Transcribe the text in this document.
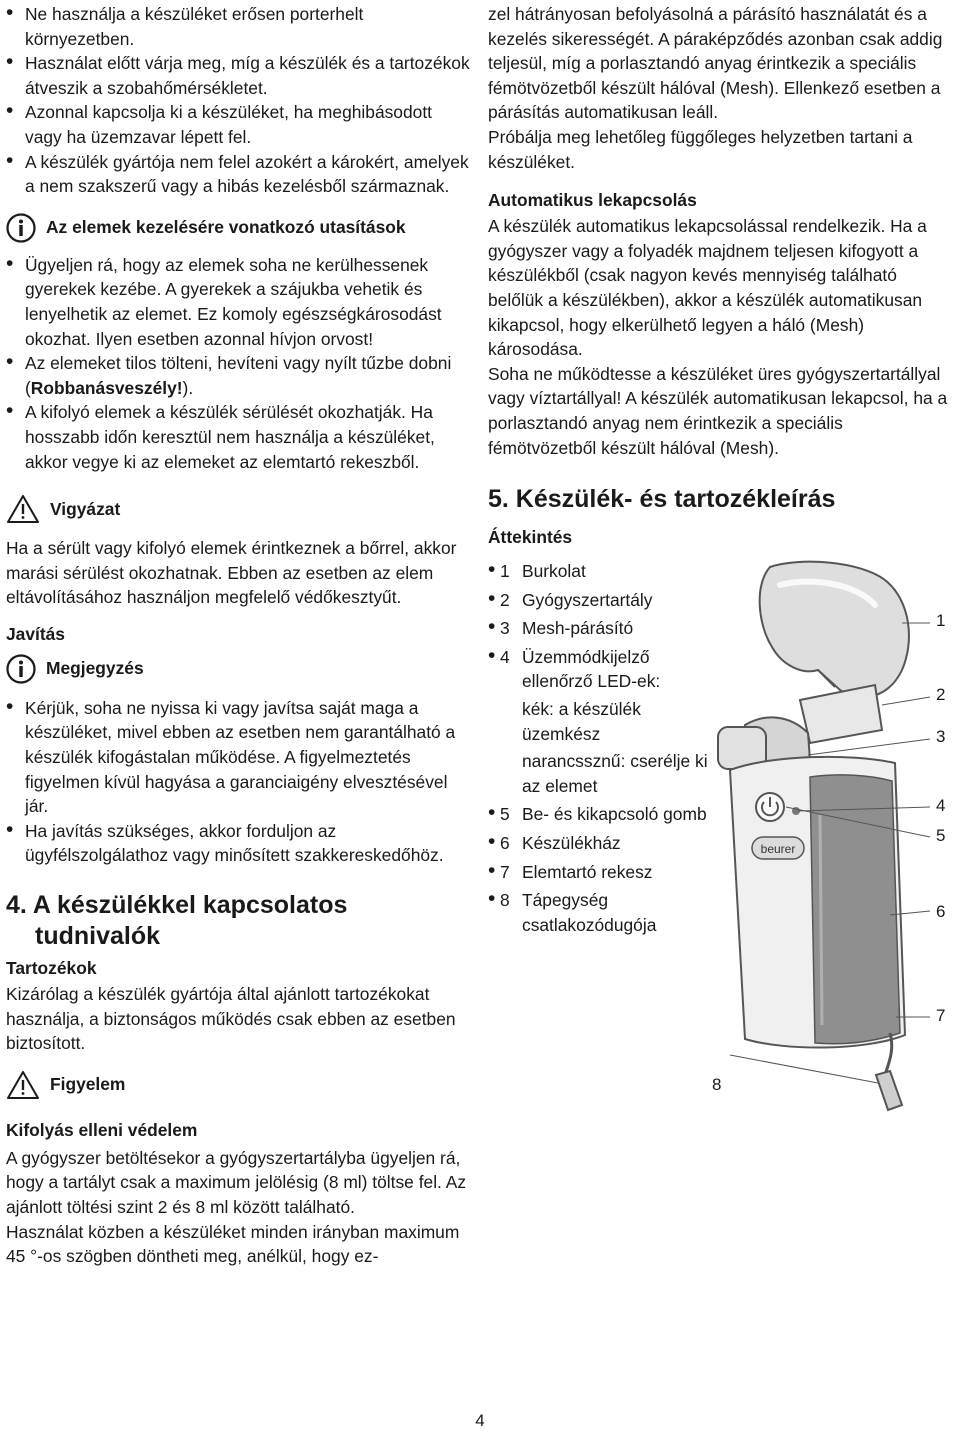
• Ne használja a készüléket erősen porterhelt környezetben.
• Használat előtt várja meg, míg a készülék és a tartozékok átveszik a szobahőmérsékletet.
• Azonnal kapcsolja ki a készüléket, ha meghibásodott vagy ha üzemzavar lépett fel.
• A készülék gyártója nem felel azokért a károkért, amelyek a nem szakszerű vagy a hibás kezelésből származnak.
Az elemek kezelésére vonatkozó utasítások
• Ügyeljen rá, hogy az elemek soha ne kerülhessenek gyerekek kezébe. A gyerekek a szájukba vehetik és lenyelhetik az elemet. Ez komoly egészségkárosodást okozhat. Ilyen esetben azonnal hívjon orvost!
• Az elemeket tilos tölteni, hevíteni vagy nyílt tűzbe dobni (Robbanásveszély!).
• A kifolyó elemek a készülék sérülését okozhatják. Ha hosszabb időn keresztül nem használja a készüléket, akkor vegye ki az elemeket az elemtartó rekeszből.
Vigyázat

Ha a sérült vagy kifolyó elemek érintkeznek a bőrrel, akkor marási sérülést okozhatnak. Ebben az esetben az elem eltávolításához használjon megfelelő védőkesztyűt.

Javítás

Megjegyzés
• Kérjük, soha ne nyissa ki vagy javítsa saját maga a készüléket, mivel ebben az esetben nem garantálható a készülék kifogástalan működése. A figyelmeztetés figyelmen kívül hagyása a garanciaigény elvesztésével jár.
• Ha javítás szükséges, akkor forduljon az ügyfélszolgálathoz vagy minősített szakkereskedőhöz.

4. A készülékkel kapcsolatos
tudnivalók

Tartozékok

Kizárólag a készülék gyártója által ajánlott tartozékokat használja, a biztonságos működés csak ebben az esetben biztosított.

Figyelem

Kifolyás elleni védelem

A gyógyszer betöltésekor a gyógyszertartályba ügyeljen rá, hogy a tartályt csak a maximum jelölésig (8 ml) töltse fel. Az ajánlott töltési szint 2 és 8 ml között található.

Használat közben a készüléket minden irányban maximum 45 °-os szögben döntheti meg, anélkül, hogy ez-

zel hátrányosan befolyásolná a párásító használatát és a kezelés sikerességét. A páraképződés azonban csak addig teljesül, míg a porlasztandó anyag érintkezik a speciális fémötvözetből készült hálóval (Mesh). Ellenkező esetben a párásítás automatikusan leáll.

Próbálja meg lehetőleg függőleges helyzetben tartani a készüléket.

Automatikus lekapcsolás

A készülék automatikus lekapcsolással rendelkezik. Ha a gyógyszer vagy a folyadék majdnem teljesen kifogyott a készülékből (csak nagyon kevés mennyiség található belőlük a készülékben), akkor a készülék automatikusan kikapcsol, hogy elkerülhető legyen a háló (Mesh) károsodása.

Soha ne működtesse a készüléket üres gyógyszertartállyal vagy víztartállyal! A készülék automatikusan lekapcsol, ha a porlasztandó anyag nem érintkezik a speciális fémötvözetből készült hálóval (Mesh).

5. Készülék- és tartozékleírás

Áttekintés

• 1 Burkolat
• 2 Gyógyszertartály
• 3 Mesh-párásító
• 4 Üzemmódkijelző ellenőrző LED-ek:
kék: a készülék üzemkész
narancssznű: cserélje ki az elemet
• 5 Be- és kikapcsoló gomb
• 6 Készülékház
• 7 Elemtartó rekesz
• 8 Tápegység csatlakozódugója
beurer
1
2
3
4
5
6
7
8
4
